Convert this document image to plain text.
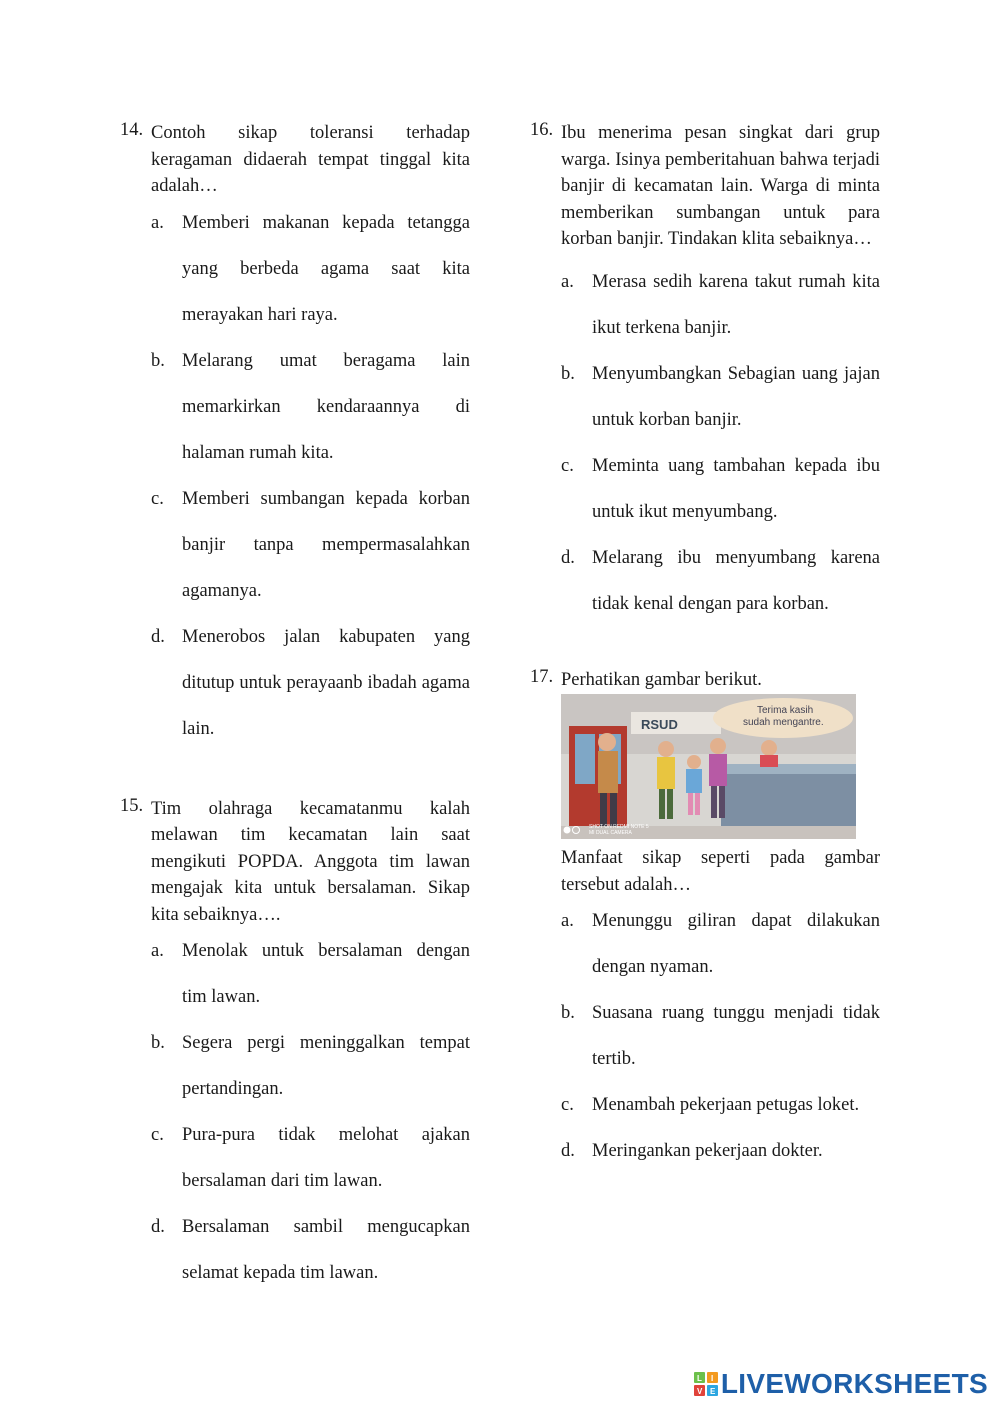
14. Contoh sikap toleransi terhadap keragaman didaerah tempat tinggal kita adalah…
a. Memberi makanan kepada tetangga yang berbeda agama saat kita merayakan hari raya.
b. Melarang umat beragama lain memarkirkan kendaraannya di halaman rumah kita.
c. Memberi sumbangan kepada korban banjir tanpa mempermasalahkan agamanya.
d. Menerobos jalan kabupaten yang ditutup untuk perayaanb ibadah agama lain.
15. Tim olahraga kecamatanmu kalah melawan tim kecamatan lain saat mengikuti POPDA. Anggota tim lawan mengajak kita untuk bersalaman. Sikap kita sebaiknya….
a. Menolak untuk bersalaman dengan tim lawan.
b. Segera pergi meninggalkan tempat pertandingan.
c. Pura-pura tidak melohat ajakan bersalaman dari tim lawan.
d. Bersalaman sambil mengucapkan selamat kepada tim lawan.
16. Ibu menerima pesan singkat dari grup warga. Isinya pemberitahuan bahwa terjadi banjir di kecamatan lain. Warga di minta memberikan sumbangan untuk para korban banjir. Tindakan klita sebaiknya…
a. Merasa sedih karena takut rumah kita ikut terkena banjir.
b. Menyumbangkan Sebagian uang jajan untuk korban banjir.
c. Meminta uang tambahan kepada ibu untuk ikut menyumbang.
d. Melarang ibu menyumbang karena tidak kenal dengan para korban.
17. Perhatikan gambar berikut.
RSUD
Terima kasih
sudah mengantre.
SHOT ON REDMI NOTE 5
MI DUAL CAMERA
Manfaat sikap seperti pada gambar tersebut adalah…
a. Menunggu giliran dapat dilakukan dengan nyaman.
b. Suasana ruang tunggu menjadi tidak tertib.
c. Menambah pekerjaan petugas loket.
d. Meringankan pekerjaan dokter.
L I
V E LIVEWORKSHEETS
